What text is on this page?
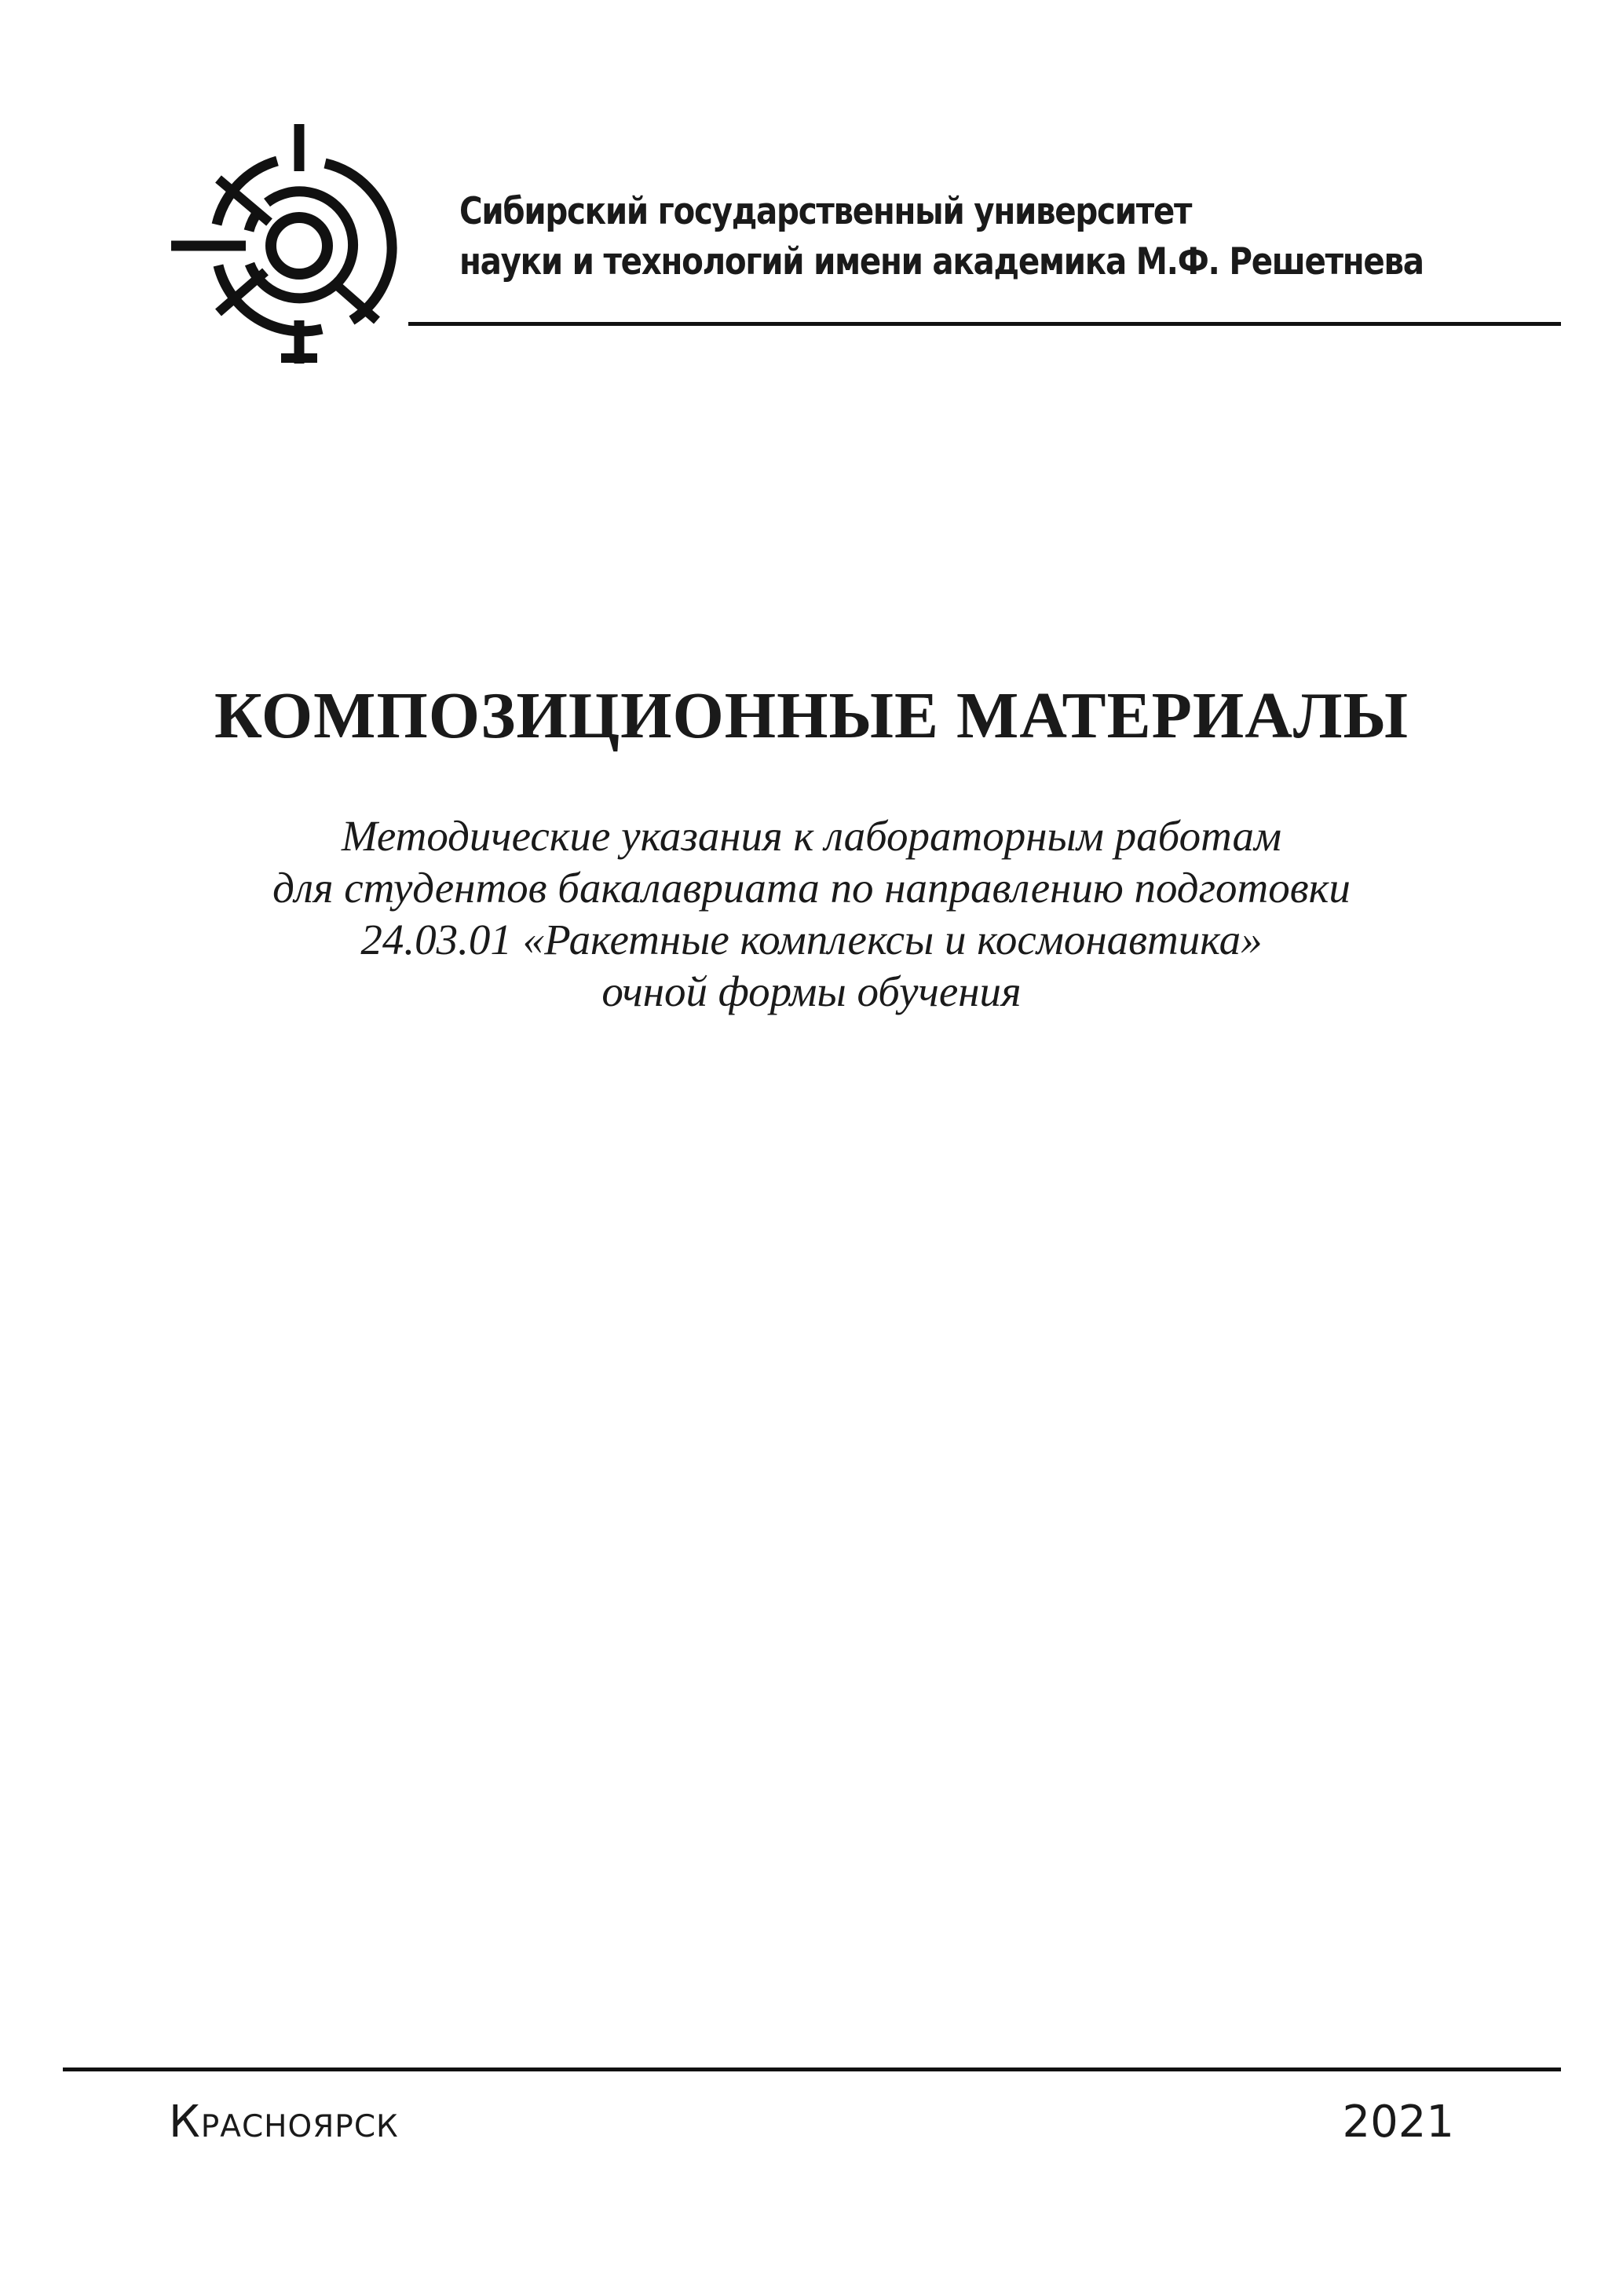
Сибирский государственный университет
науки и технологий имени академика М.Ф. Решетнева
КОМПОЗИЦИОННЫЕ МАТЕРИАЛЫ
Методические указания к лабораторным работам
для студентов бакалавриата по направлению подготовки
24.03.01 «Ракетные комплексы и космонавтика»
очной формы обучения
Красноярск	2021
